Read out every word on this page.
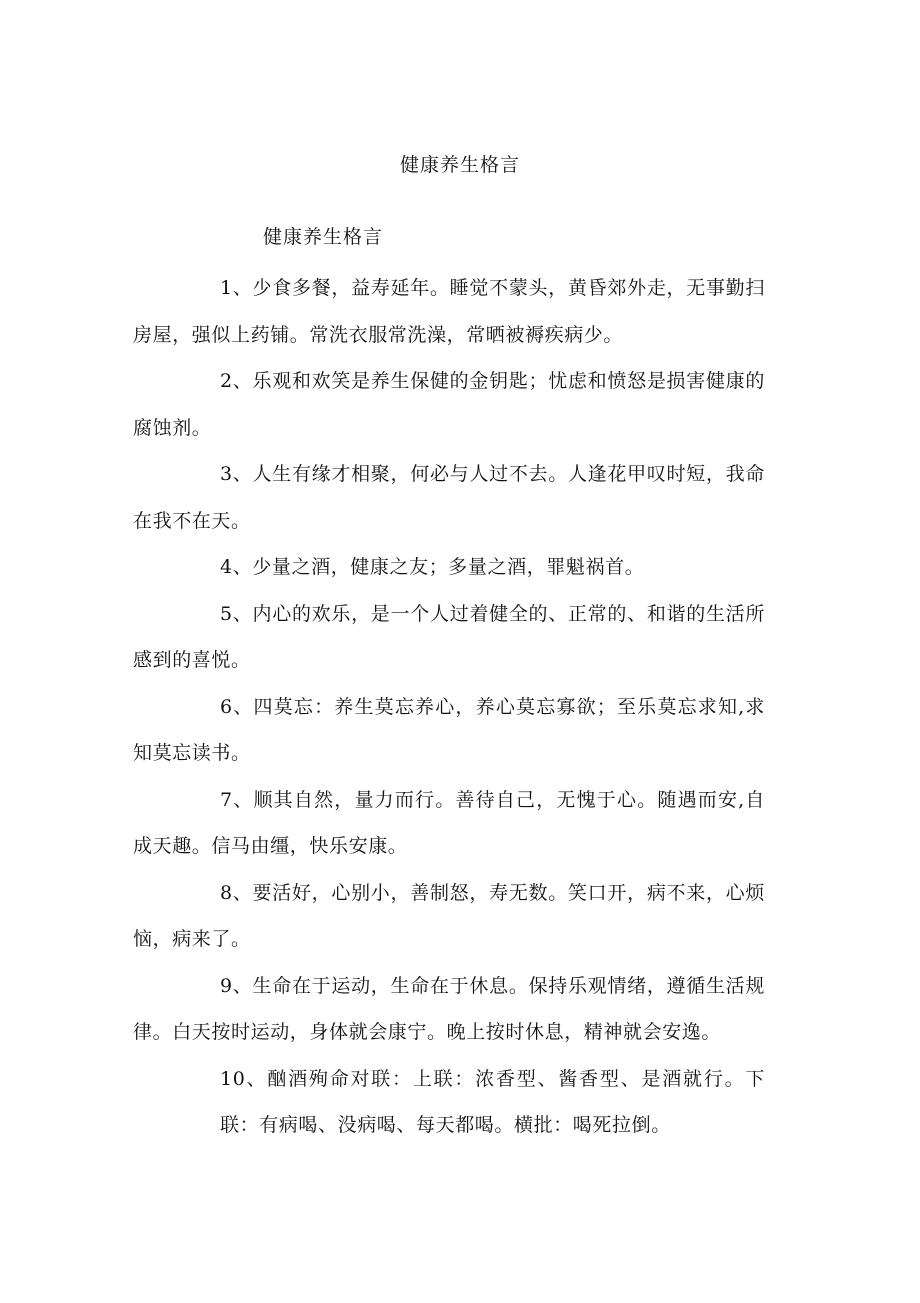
健康养生格言
健康养生格言

1、少食多餐，益寿延年。睡觉不蒙头，黄昏郊外走，无事勤扫房屋，强似上药铺。常洗衣服常洗澡，常晒被褥疾病少。

2、乐观和欢笑是养生保健的金钥匙；忧虑和愤怒是损害健康的腐蚀剂。

3、人生有缘才相聚，何必与人过不去。人逢花甲叹时短，我命在我不在天。

4、少量之酒，健康之友；多量之酒，罪魁祸首。

5、内心的欢乐，是一个人过着健全的、正常的、和谐的生活所感到的喜悦。

6、四莫忘：养生莫忘养心，养心莫忘寡欲；至乐莫忘求知,求知莫忘读书。

7、顺其自然，量力而行。善待自己，无愧于心。随遇而安,自成天趣。信马由缰，快乐安康。

8、要活好，心别小，善制怒，寿无数。笑口开，病不来，心烦恼，病来了。

9、生命在于运动，生命在于休息。保持乐观情绪，遵循生活规律。白天按时运动，身体就会康宁。晚上按时休息，精神就会安逸。

10、酗酒殉命对联：上联：浓香型、酱香型、是酒就行。下联：有病喝、没病喝、每天都喝。横批：喝死拉倒。
